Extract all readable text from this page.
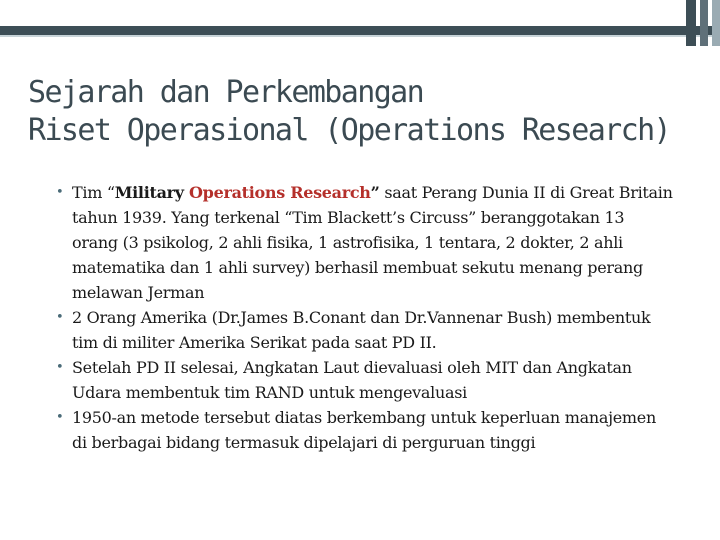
Sejarah dan Perkembangan
Riset Operasional (Operations Research)
• Tim “Military Operations Research” saat Perang Dunia II di Great Britain tahun 1939. Yang terkenal “Tim Blackett’s Circuss” beranggotakan 13 orang (3 psikolog, 2 ahli fisika, 1 astrofisika, 1 tentara, 2 dokter, 2 ahli matematika dan 1 ahli survey) berhasil membuat sekutu menang perang melawan Jerman
• 2 Orang Amerika (Dr.James B.Conant dan Dr.Vannenar Bush) membentuk tim di militer Amerika Serikat pada saat PD II.
• Setelah PD II selesai, Angkatan Laut dievaluasi oleh MIT dan Angkatan Udara membentuk tim RAND untuk mengevaluasi
• 1950-an metode tersebut diatas berkembang untuk keperluan manajemen di berbagai bidang termasuk dipelajari di perguruan tinggi
